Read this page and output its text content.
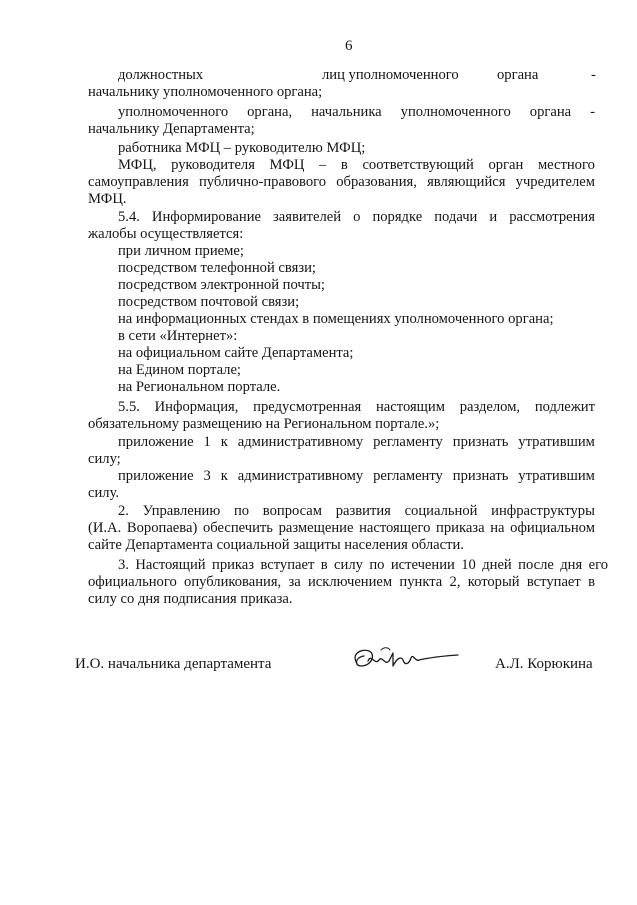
6
должностных	лиц уполномоченного	органа	-
начальнику уполномоченного органа;
уполномоченного органа, начальника уполномоченного органа -
начальнику Департамента;
работника МФЦ – руководителю МФЦ;
МФЦ, руководителя МФЦ – в соответствующий орган местного
самоуправления публично-правового образования, являющийся учредителем
МФЦ.
5.4. Информирование заявителей о порядке подачи и рассмотрения
жалобы осуществляется:
при личном приеме;
посредством телефонной связи;
посредством электронной почты;
посредством почтовой связи;
на информационных стендах в помещениях уполномоченного органа;
в сети «Интернет»:
на официальном сайте Департамента;
на Едином портале;
на Региональном портале.
5.5. Информация, предусмотренная настоящим разделом, подлежит
обязательному размещению на Региональном портале.»;
приложение 1 к административному регламенту признать утратившим
силу;
приложение 3 к административному регламенту признать утратившим
силу.
2. Управлению по вопросам развития социальной инфраструктуры
(И.А. Воропаева) обеспечить размещение настоящего приказа на официальном
сайте Департамента социальной защиты населения области.
3. Настоящий приказ вступает в силу по истечении 10 дней после дня его
официального опубликования, за исключением пункта 2, который вступает в
силу со дня подписания приказа.
И.О. начальника департамента	А.Л. Корюкина
